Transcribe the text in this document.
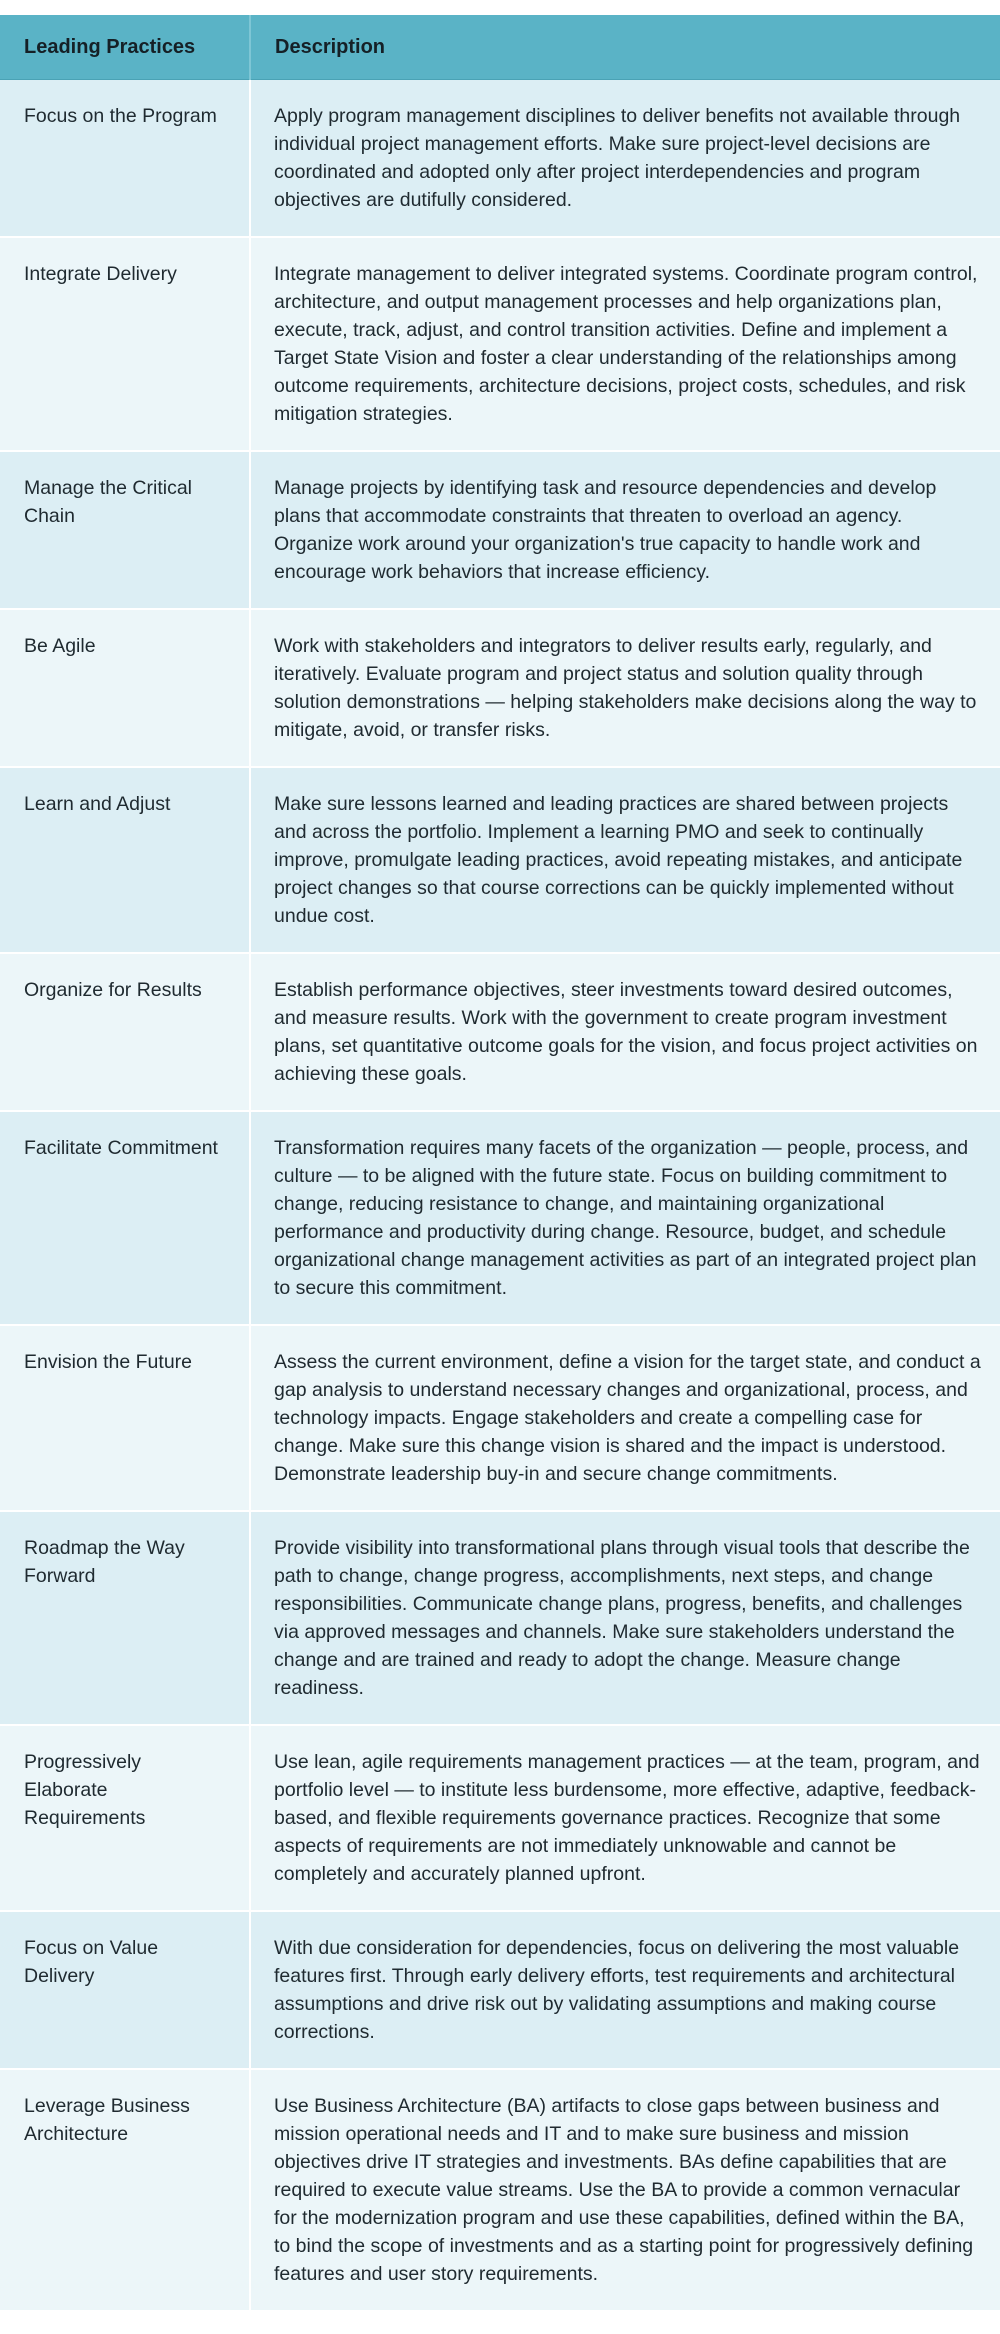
Leading Practices	Description
Focus on the Program	Apply program management disciplines to deliver benefits not available through individual project management efforts. Make sure project-level decisions are coordinated and adopted only after project interdependencies and program objectives are dutifully considered.
Integrate Delivery	Integrate management to deliver integrated systems. Coordinate program control, architecture, and output management processes and help organizations plan, execute, track, adjust, and control transition activities. Define and implement a Target State Vision and foster a clear understanding of the relationships among outcome requirements, architecture decisions, project costs, schedules, and risk mitigation strategies.
Manage the Critical Chain	Manage projects by identifying task and resource dependencies and develop plans that accommodate constraints that threaten to overload an agency. Organize work around your organization's true capacity to handle work and encourage work behaviors that increase efficiency.
Be Agile	Work with stakeholders and integrators to deliver results early, regularly, and iteratively. Evaluate program and project status and solution quality through solution demonstrations — helping stakeholders make decisions along the way to mitigate, avoid, or transfer risks.
Learn and Adjust	Make sure lessons learned and leading practices are shared between projects and across the portfolio. Implement a learning PMO and seek to continually improve, promulgate leading practices, avoid repeating mistakes, and anticipate project changes so that course corrections can be quickly implemented without undue cost.
Organize for Results	Establish performance objectives, steer investments toward desired outcomes, and measure results. Work with the government to create program investment plans, set quantitative outcome goals for the vision, and focus project activities on achieving these goals.
Facilitate Commitment	Transformation requires many facets of the organization — people, process, and culture — to be aligned with the future state. Focus on building commitment to change, reducing resistance to change, and maintaining organizational performance and productivity during change. Resource, budget, and schedule organizational change management activities as part of an integrated project plan to secure this commitment.
Envision the Future	Assess the current environment, define a vision for the target state, and conduct a gap analysis to understand necessary changes and organizational, process, and technology impacts. Engage stakeholders and create a compelling case for change. Make sure this change vision is shared and the impact is understood. Demonstrate leadership buy-in and secure change commitments.
Roadmap the Way Forward	Provide visibility into transformational plans through visual tools that describe the path to change, change progress, accomplishments, next steps, and change responsibilities. Communicate change plans, progress, benefits, and challenges via approved messages and channels. Make sure stakeholders understand the change and are trained and ready to adopt the change. Measure change readiness.
Progressively Elaborate Requirements	Use lean, agile requirements management practices — at the team, program, and portfolio level — to institute less burdensome, more effective, adaptive, feedback-based, and flexible requirements governance practices. Recognize that some aspects of requirements are not immediately unknowable and cannot be completely and accurately planned upfront.
Focus on Value Delivery	With due consideration for dependencies, focus on delivering the most valuable features first. Through early delivery efforts, test requirements and architectural assumptions and drive risk out by validating assumptions and making course corrections.
Leverage Business Architecture	Use Business Architecture (BA) artifacts to close gaps between business and mission operational needs and IT and to make sure business and mission objectives drive IT strategies and investments. BAs define capabilities that are required to execute value streams. Use the BA to provide a common vernacular for the modernization program and use these capabilities, defined within the BA, to bind the scope of investments and as a starting point for progressively defining features and user story requirements.
